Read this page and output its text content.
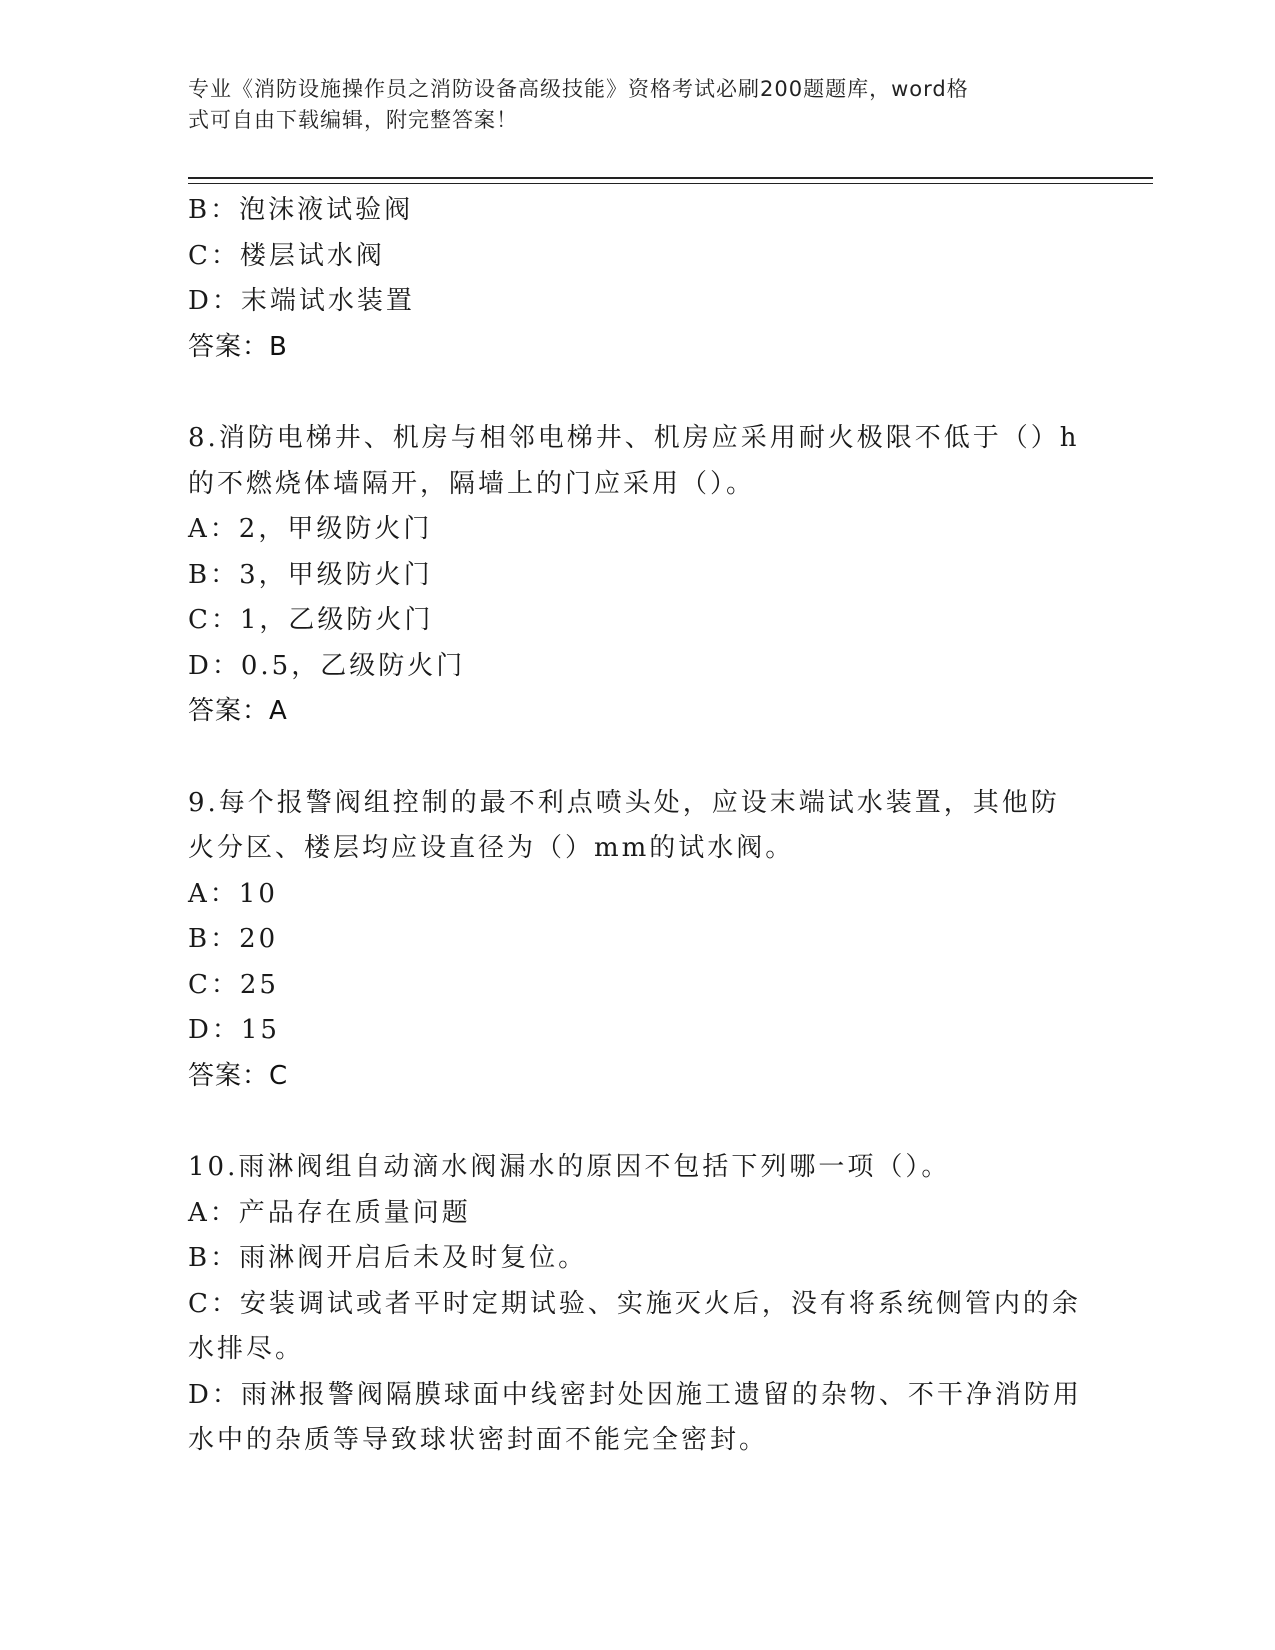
专业《消防设施操作员之消防设备高级技能》资格考试必刷200题题库，word格
式可自由下载编辑，附完整答案！
B：泡沫液试验阀
C：楼层试水阀
D：末端试水装置
答案：B
8.消防电梯井、机房与相邻电梯井、机房应采用耐火极限不低于（）h
的不燃烧体墙隔开，隔墙上的门应采用（）。
A：2，甲级防火门
B：3，甲级防火门
C：1，乙级防火门
D：0.5，乙级防火门
答案：A
9.每个报警阀组控制的最不利点喷头处，应设末端试水装置，其他防
火分区、楼层均应设直径为（）mm的试水阀。
A：10
B：20
C：25
D：15
答案：C
10.雨淋阀组自动滴水阀漏水的原因不包括下列哪一项（）。
A：产品存在质量问题
B：雨淋阀开启后未及时复位。
C：安装调试或者平时定期试验、实施灭火后，没有将系统侧管内的余
水排尽。
D：雨淋报警阀隔膜球面中线密封处因施工遗留的杂物、不干净消防用
水中的杂质等导致球状密封面不能完全密封。
